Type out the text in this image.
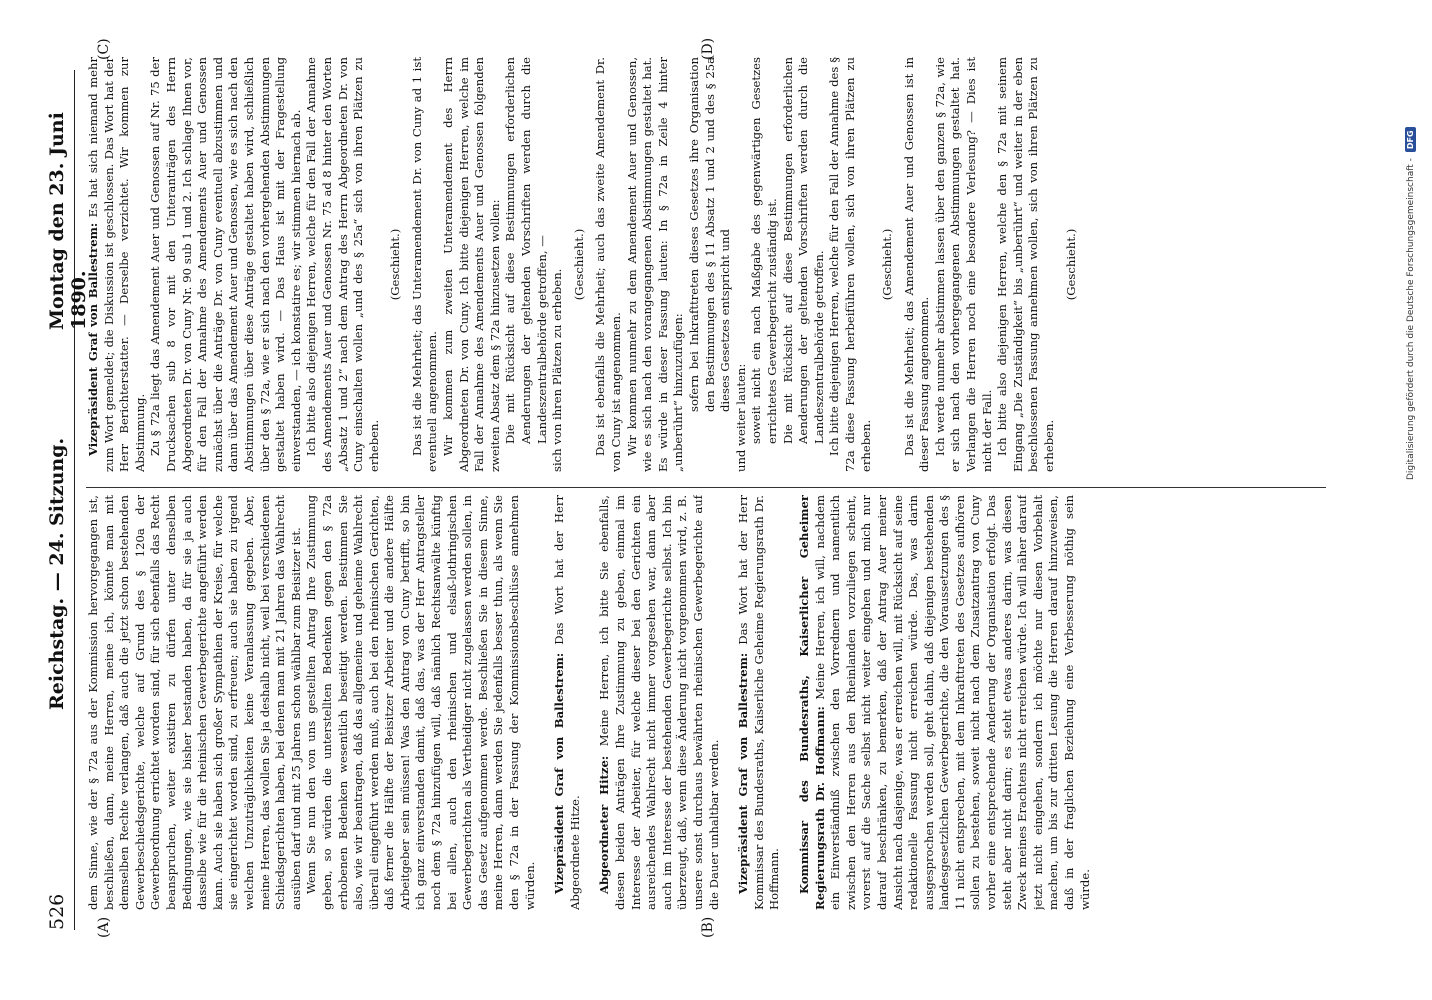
526
Reichstag. — 24. Sitzung.
Montag den 23. Juni 1890.
(A)	(B)
(C)	(D)

dem Sinne, wie der § 72a aus der Kommission hervorgegangen ist, beschließen, dann, meine Herren, meine ich, könnte man mit demselben Rechte verlangen, daß auch die jetzt schon bestehenden Gewerbeschiedsgerichte, welche auf Grund des § 120a der Gewerbeordnung errichtet worden sind, für sich ebenfalls das Recht beanspruchen, weiter existiren zu dürfen unter denselben Bedingungen, wie sie bisher bestanden haben, da für sie ja auch dasselbe wie für die rheinischen Gewerbegerichte angeführt werden kann. Auch sie haben sich großer Sympathien der Kreise, für welche sie eingerichtet worden sind, zu erfreuen; auch sie haben zu irgend welchen Unzuträglichkeiten keine Veranlassung gegeben. Aber, meine Herren, das wollen Sie ja deshalb nicht, weil bei verschiedenen Schiedsgerichten haben, bei denen man mit 21 Jahren das Wahlrecht ausüben darf und mit 25 Jahren schon wählbar zum Beisitzer ist. Wenn Sie nun den von uns gestellten Antrag Ihre Zustimmung geben, so würden die unterstellten Bedenken gegen den § 72a erhobenen Bedenken wesentlich beseitigt werden. Bestimmen Sie also, wie wir beantragen, daß das allgemeine und geheime Wahlrecht überall eingeführt werden muß, auch bei den rheinischen Gerichten, daß ferner die Hälfte der Beisitzer Arbeiter und die andere Hälfte Arbeitgeber sein müssen! Was den Antrag von Cuny betrifft, so bin ich ganz einverstanden damit, daß das, was der Herr Antragsteller noch dem § 72a hinzufügen will, daß nämlich Rechtsanwälte künftig bei allen, auch den rheinischen und elsaß-lothringischen Gewerbegerichten als Vertheidiger nicht zugelassen werden sollen, in das Gesetz aufgenommen werde. Beschließen Sie in diesem Sinne, meine Herren, dann werden Sie jedenfalls besser thun, als wenn Sie den § 72a in der Fassung der Kommissionsbeschlüsse annehmen würden. Vizepräsident Graf von Ballestrem: Das Wort hat der Herr Abgeordnete Hitze. Abgeordneter Hitze: Meine Herren, ich bitte Sie ebenfalls, diesen beiden Anträgen Ihre Zustimmung zu geben, einmal im Interesse der Arbeiter, für welche dieser bei den Gerichten ein ausreichendes Wahlrecht nicht immer vorgesehen war, dann aber auch im Interesse der bestehenden Gewerbegerichte selbst. Ich bin überzeugt, daß, wenn diese Änderung nicht vorgenommen wird, z. B. unsere sonst durchaus bewährten rheinischen Gewerbegerichte auf die Dauer unhaltbar werden. Vizepräsident Graf von Ballestrem: Das Wort hat der Herr Kommissar des Bundesraths, Kaiserliche Geheime Regierungsrath Dr. Hoffmann. Kommissar des Bundesraths, Kaiserlicher Geheimer Regierungsrath Dr. Hoffmann: Meine Herren, ich will, nachdem ein Einverständniß zwischen den Vorrednern und namentlich zwischen den Herren aus den Rheinlanden vorzuliegen scheint, vorerst auf die Sache selbst nicht weiter eingehen und mich nur darauf beschränken, zu bemerken, daß der Antrag Auer meiner Ansicht nach dasjenige, was er erreichen will, mit Rücksicht auf seine redaktionelle Fassung nicht erreichen würde. Das, was darin ausgesprochen werden soll, geht dahin, daß diejenigen bestehenden landesgesetzlichen Gewerbegerichte, die den Voraussetzungen des § 11 nicht entsprechen, mit dem Inkrafttreten des Gesetzes aufhören sollen zu bestehen, soweit nicht nach dem Zusatzantrag von Cuny vorher eine entsprechende Aenderung der Organisation erfolgt. Das steht aber nicht darin; es steht etwas anderes darin, was diesen Zweck meines Erachtens nicht erreichen würde. Ich will näher darauf jetzt nicht eingehen, sondern ich möchte nur diesen Vorbehalt machen, um bis zur dritten Lesung die Herren darauf hinzuweisen, daß in der fraglichen Beziehung eine Verbesserung nöthig sein würde.

Vizepräsident Graf von Ballestrem: Es hat sich niemand mehr zum Wort gemeldet; die Diskussion ist geschlossen. Das Wort hat der Herr Berichterstatter. — Derselbe verzichtet. Wir kommen zur Abstimmung. Zu § 72a liegt das Amendement Auer und Genossen auf Nr. 75 der Drucksachen sub 8 vor mit den Unteranträgen des Herrn Abgeordneten Dr. von Cuny Nr. 90 sub 1 und 2. Ich schlage Ihnen vor, für den Fall der Annahme des Amendements Auer und Genossen zunächst über die Anträge Dr. von Cuny eventuell abzustimmen und dann über das Amendement Auer und Genossen, wie es sich nach den Abstimmungen über diese Anträge gestaltet haben wird, schließlich über den § 72a, wie er sich nach den vorhergehenden Abstimmungen gestaltet haben wird. — Das Haus ist mit der Fragestellung einverstanden, — ich konstatire es; wir stimmen hiernach ab. Ich bitte also diejenigen Herren, welche für den Fall der Annahme des Amendements Auer und Genossen Nr. 75 ad 8 hinter den Worten „Absatz 1 und 2“ nach dem Antrag des Herrn Abgeordneten Dr. von Cuny einschalten wollen „und des § 25a“ sich von ihren Plätzen zu erheben.

(Geschieht.) Das ist die Mehrheit; das Unteramendement Dr. von Cuny ad 1 ist eventuell angenommen. Wir kommen zum zweiten Unteramendement des Herrn Abgeordneten Dr. von Cuny. Ich bitte diejenigen Herren, welche im Fall der Annahme des Amendements Auer und Genossen folgenden zweiten Absatz dem § 72a hinzusetzen wollen: Die mit Rücksicht auf diese Bestimmungen erforderlichen Aenderungen der geltenden Vorschriften werden durch die Landeszentralbehörde getroffen, — sich von ihren Plätzen zu erheben.

(Geschieht.) Das ist ebenfalls die Mehrheit; auch das zweite Amendement Dr. von Cuny ist angenommen. Wir kommen nunmehr zu dem Amendement Auer und Genossen, wie es sich nach den vorangegangenen Abstimmungen gestaltet hat. Es würde in dieser Fassung lauten: In § 72a in Zeile 4 hinter „unberührt“ hinzuzufügen: sofern bei Inkrafttreten dieses Gesetzes ihre Organisation den Bestimmungen des § 11 Absatz 1 und 2 und des § 25a dieses Gesetzes entspricht und

und weiter lauten: soweit nicht ein nach Maßgabe des gegenwärtigen Gesetzes errichtetes Gewerbegericht zuständig ist. Die mit Rücksicht auf diese Bestimmungen erforderlichen Aenderungen der geltenden Vorschriften werden durch die Landeszentralbehörde getroffen. Ich bitte diejenigen Herren, welche für den Fall der Annahme des § 72a diese Fassung herbeiführen wollen, sich von ihren Plätzen zu erheben.

(Geschieht.) Das ist die Mehrheit; das Amendement Auer und Genossen ist in dieser Fassung angenommen. Ich werde nunmehr abstimmen lassen über den ganzen § 72a, wie er sich nach den vorhergegangenen Abstimmungen gestaltet hat. Verlangen die Herren noch eine besondere Verlesung? — Dies ist nicht der Fall. Ich bitte also diejenigen Herren, welche den § 72a mit seinem Eingang „Die Zuständigkeit“ bis „unberührt“ und weiter in der eben beschlossenen Fassung annehmen wollen, sich von ihren Plätzen zu erheben.

(Geschieht.)	Digitalisierung gefördert durch die Deutsche Forschungsgemeinschaft -
DFG
